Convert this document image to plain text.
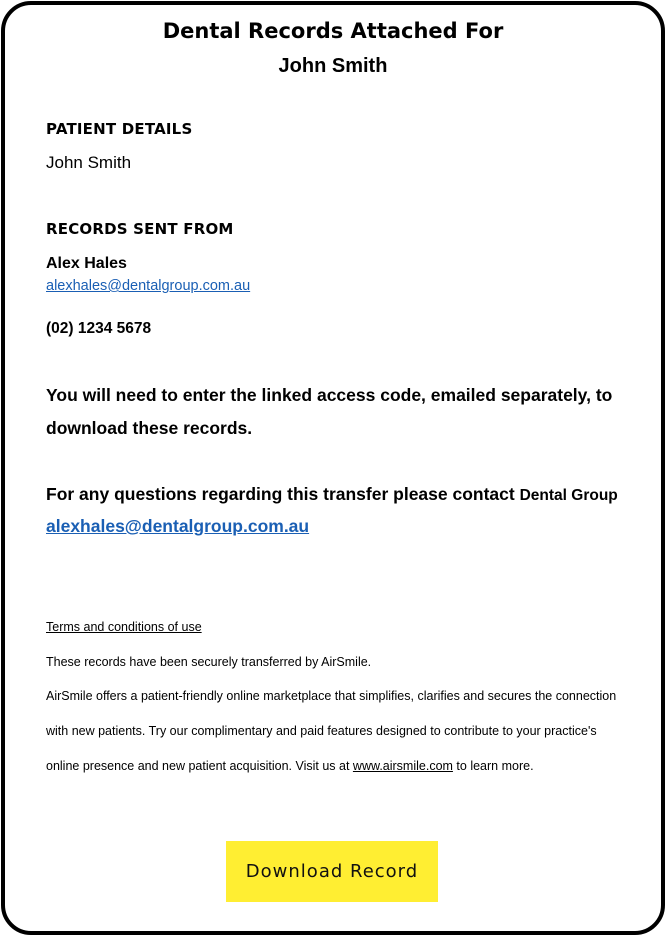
Dental Records Attached For
John Smith
PATIENT DETAILS
John Smith
RECORDS SENT FROM
Alex Hales
alexhales@dentalgroup.com.au
(02) 1234 5678
You will need to enter the linked access code, emailed separately, to download these records.
For any questions regarding this transfer please contact Dental Group
alexhales@dentalgroup.com.au
Terms and conditions of use
These records have been securely transferred by AirSmile.
AirSmile offers a patient-friendly online marketplace that simplifies, clarifies and secures the connection with new patients. Try our complimentary and paid features designed to contribute to your practice's online presence and new patient acquisition. Visit us at www.airsmile.com to learn more.
Download Record
